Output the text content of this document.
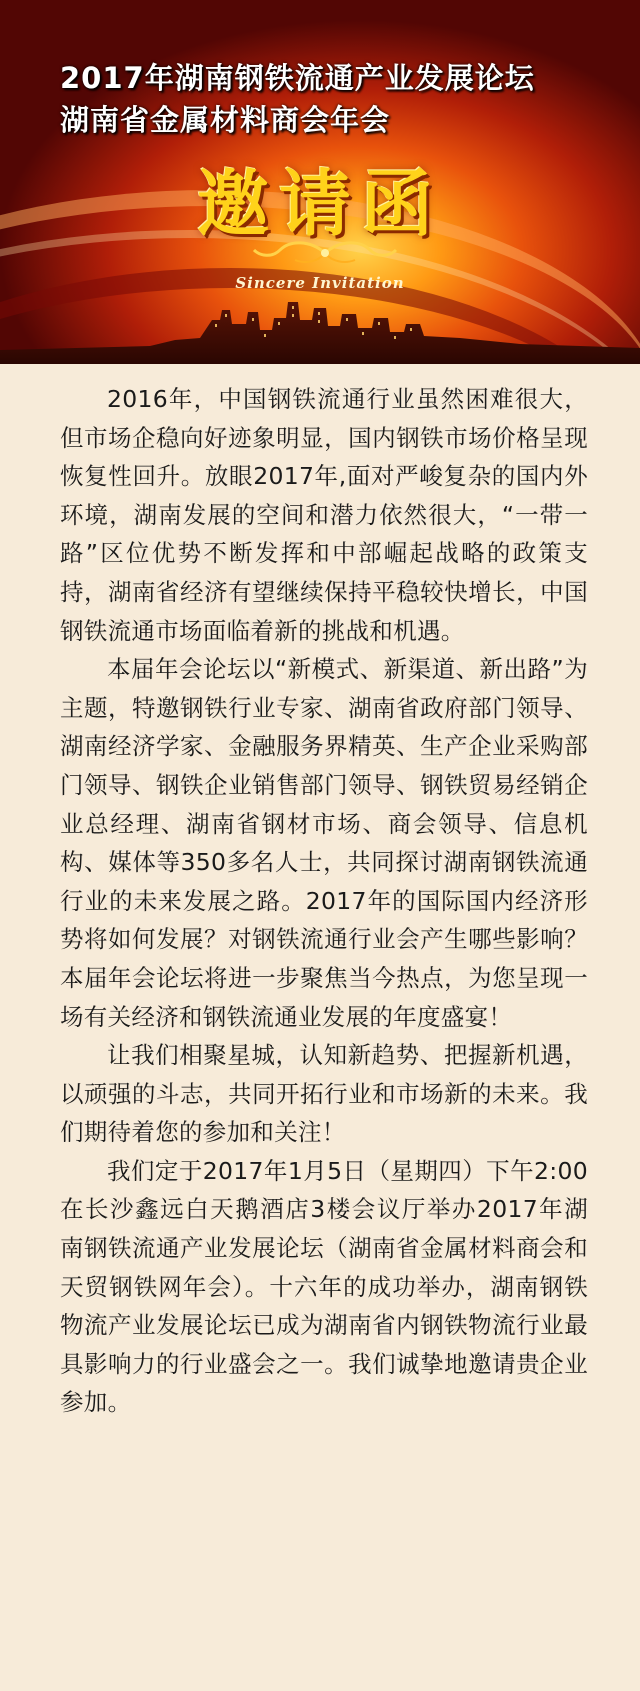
2017年湖南钢铁流通产业发展论坛
湖南省金属材料商会年会
邀请函
Sincere Invitation

2016年，中国钢铁流通行业虽然困难很大，但市场企稳向好迹象明显，国内钢铁市场价格呈现恢复性回升。放眼2017年,面对严峻复杂的国内外环境，湖南发展的空间和潜力依然很大，“一带一路”区位优势不断发挥和中部崛起战略的政策支持，湖南省经济有望继续保持平稳较快增长，中国钢铁流通市场面临着新的挑战和机遇。

本届年会论坛以“新模式、新渠道、新出路”为主题，特邀钢铁行业专家、湖南省政府部门领导、湖南经济学家、金融服务界精英、生产企业采购部门领导、钢铁企业销售部门领导、钢铁贸易经销企业总经理、湖南省钢材市场、商会领导、信息机构、媒体等350多名人士，共同探讨湖南钢铁流通行业的未来发展之路。2017年的国际国内经济形势将如何发展？对钢铁流通行业会产生哪些影响？本届年会论坛将进一步聚焦当今热点，为您呈现一场有关经济和钢铁流通业发展的年度盛宴！

让我们相聚星城，认知新趋势、把握新机遇，以顽强的斗志，共同开拓行业和市场新的未来。我们期待着您的参加和关注！

我们定于2017年1月5日（星期四）下午2:00在长沙鑫远白天鹅酒店3楼会议厅举办2017年湖南钢铁流通产业发展论坛（湖南省金属材料商会和天贸钢铁网年会）。十六年的成功举办，湖南钢铁物流产业发展论坛已成为湖南省内钢铁物流行业最具影响力的行业盛会之一。我们诚挚地邀请贵企业参加。
